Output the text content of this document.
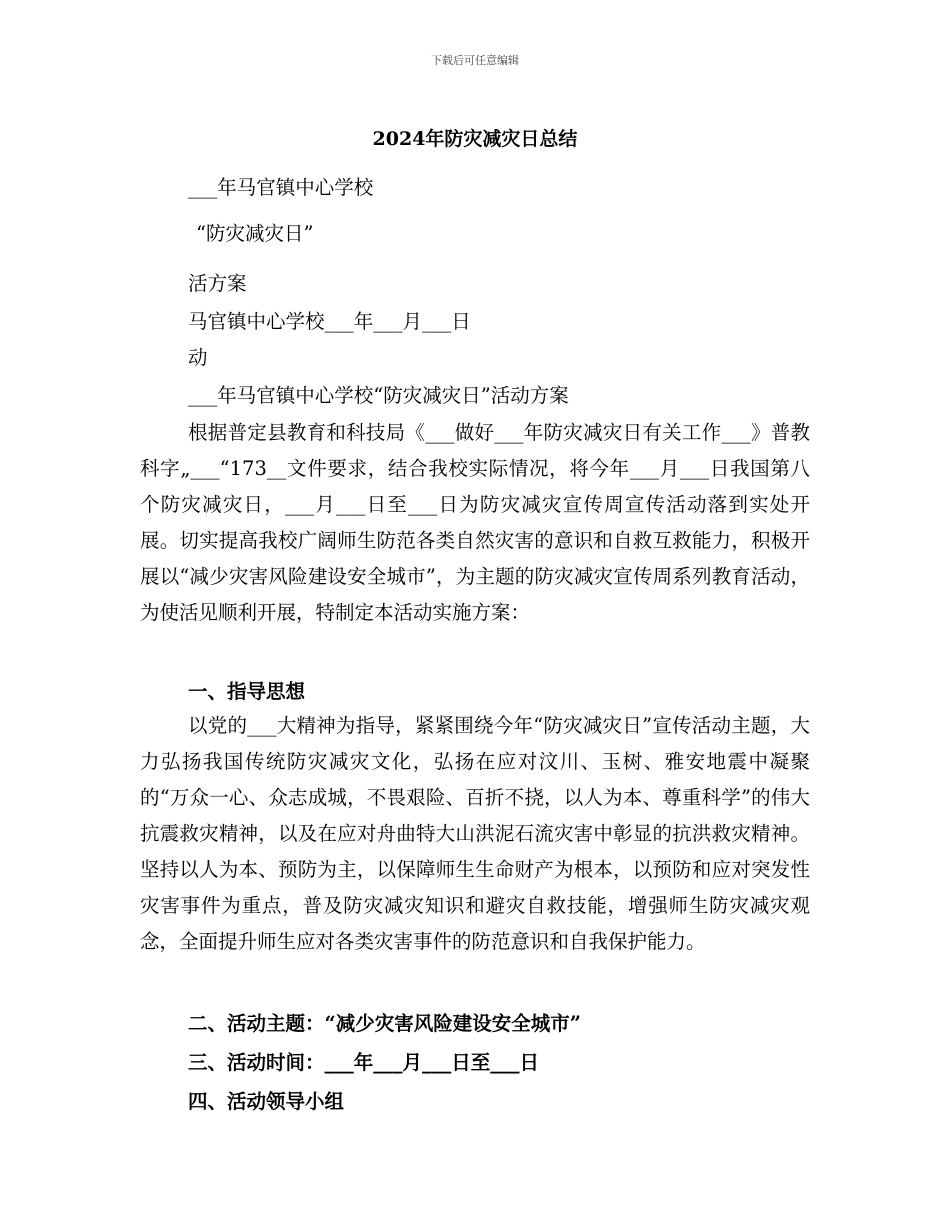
下载后可任意编辑
2024年防灾减灾日总结
___年马官镇中心学校
“防灾减灾日”
活方案
马官镇中心学校___年___月___日
动
___年马官镇中心学校“防灾减灾日”活动方案

根据普定县教育和科技局《___做好___年防灾减灾日有关工作___》普教科字„___“173__文件要求，结合我校实际情况，将今年___月___日我国第八个防灾减灾日，___月___日至___日为防灾减灾宣传周宣传活动落到实处开展。切实提高我校广阔师生防范各类自然灾害的意识和自救互救能力，积极开展以“减少灾害风险建设安全城市”，为主题的防灾减灾宣传周系列教育活动，为使活见顺利开展，特制定本活动实施方案：

一、指导思想

以党的___大精神为指导，紧紧围绕今年“防灾减灾日”宣传活动主题，大力弘扬我国传统防灾减灾文化，弘扬在应对汶川、玉树、雅安地震中凝聚的“万众一心、众志成城，不畏艰险、百折不挠，以人为本、尊重科学”的伟大抗震救灾精神，以及在应对舟曲特大山洪泥石流灾害中彰显的抗洪救灾精神。坚持以人为本、预防为主，以保障师生生命财产为根本，以预防和应对突发性灾害事件为重点，普及防灾减灾知识和避灾自救技能，增强师生防灾减灾观念，全面提升师生应对各类灾害事件的防范意识和自我保护能力。

二、活动主题：“减少灾害风险建设安全城市”
三、活动时间：___年___月___日至___日
四、活动领导小组
